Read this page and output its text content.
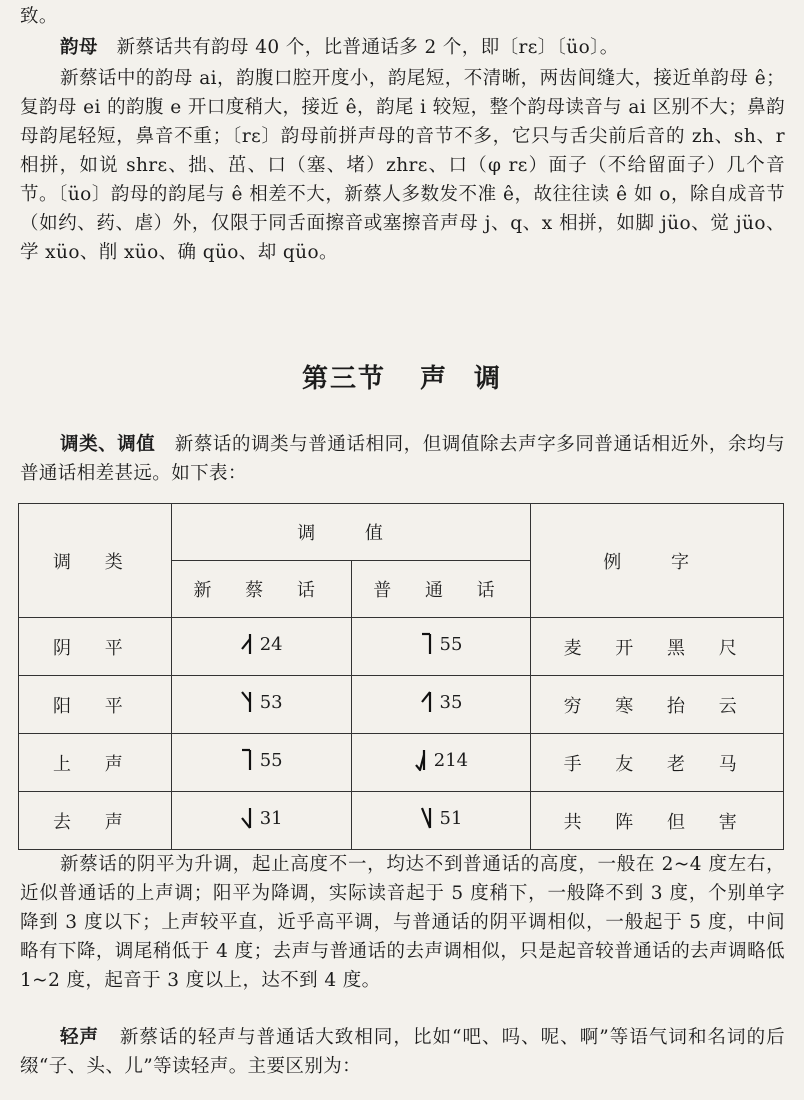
致。
韵母 新蔡话共有韵母 40 个，比普通话多 2 个，即〔rɛ〕〔üo〕。
新蔡话中的韵母 ai，韵腹口腔开度小，韵尾短，不清晰，两齿间缝大，接近单韵母 ê；复韵母 ei 的韵腹 e 开口度稍大，接近 ê，韵尾 i 较短，整个韵母读音与 ai 区别不大；鼻韵母韵尾轻短，鼻音不重；〔rɛ〕韵母前拼声母的音节不多，它只与舌尖前后音的 zh、sh、r 相拼，如说 shrɛ、拙、茁、口（塞、堵）zhrɛ、口（φ rɛ）面子（不给留面子）几个音节。〔üo〕韵母的韵尾与 ê 相差不大，新蔡人多数发不准 ê，故往往读 ê 如 o，除自成音节（如约、药、虐）外，仅限于同舌面擦音或塞擦音声母 j、q、x 相拼，如脚 jüo、觉 jüo、学 xüo、削 xüo、确 qüo、却 qüo。
第三节 声 调
调类、调值 新蔡话的调类与普通话相同，但调值除去声字多同普通话相近外，余均与普通话相差甚远。如下表：
调 类	调 值		例 字
	新 蔡 话	普 通 话	
阴 平	24	55	麦 开 黑 尺
阳 平	53	35	穷 寒 抬 云
上 声	55	214	手 友 老 马
去 声	31	51	共 阵 但 害
新蔡话的阴平为升调，起止高度不一，均达不到普通话的高度，一般在 2~4 度左右，近似普通话的上声调；阳平为降调，实际读音起于 5 度稍下，一般降不到 3 度，个别单字降到 3 度以下；上声较平直，近乎高平调，与普通话的阴平调相似，一般起于 5 度，中间略有下降，调尾稍低于 4 度；去声与普通话的去声调相似，只是起音较普通话的去声调略低 1~2 度，起音于 3 度以上，达不到 4 度。
轻声 新蔡话的轻声与普通话大致相同，比如“吧、吗、呢、啊”等语气词和名词的后缀“子、头、儿”等读轻声。主要区别为：
